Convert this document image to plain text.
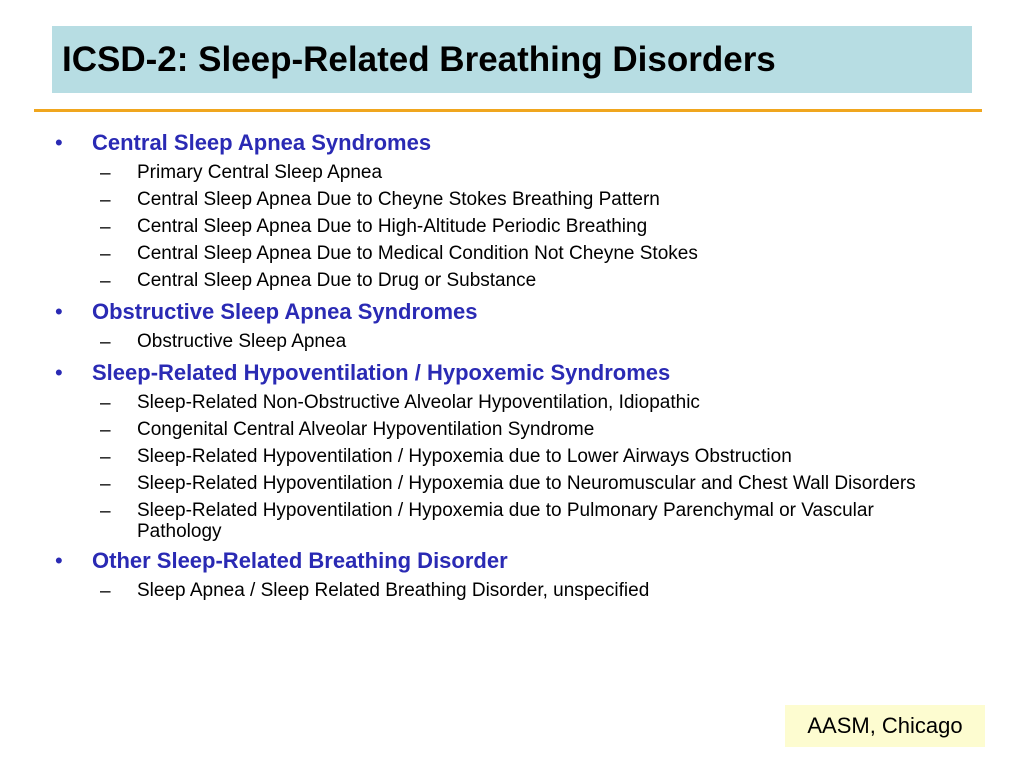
ICSD-2: Sleep-Related Breathing Disorders
•	Central Sleep Apnea Syndromes
–	Primary Central Sleep Apnea
–	Central Sleep Apnea Due to Cheyne Stokes Breathing Pattern
–	Central Sleep Apnea Due to High-Altitude Periodic Breathing
–	Central Sleep Apnea Due to Medical Condition Not Cheyne Stokes
–	Central Sleep Apnea Due to Drug or Substance
•	Obstructive Sleep Apnea Syndromes
–	Obstructive Sleep Apnea
•	Sleep-Related Hypoventilation / Hypoxemic Syndromes
–	Sleep-Related Non-Obstructive Alveolar Hypoventilation, Idiopathic
–	Congenital Central Alveolar Hypoventilation Syndrome
–	Sleep-Related Hypoventilation / Hypoxemia due to Lower Airways Obstruction
–	Sleep-Related Hypoventilation / Hypoxemia due to Neuromuscular and Chest Wall Disorders
–	Sleep-Related Hypoventilation / Hypoxemia due to Pulmonary Parenchymal or Vascular Pathology
•	Other Sleep-Related Breathing Disorder
–	Sleep Apnea / Sleep Related Breathing Disorder, unspecified
AASM, Chicago
